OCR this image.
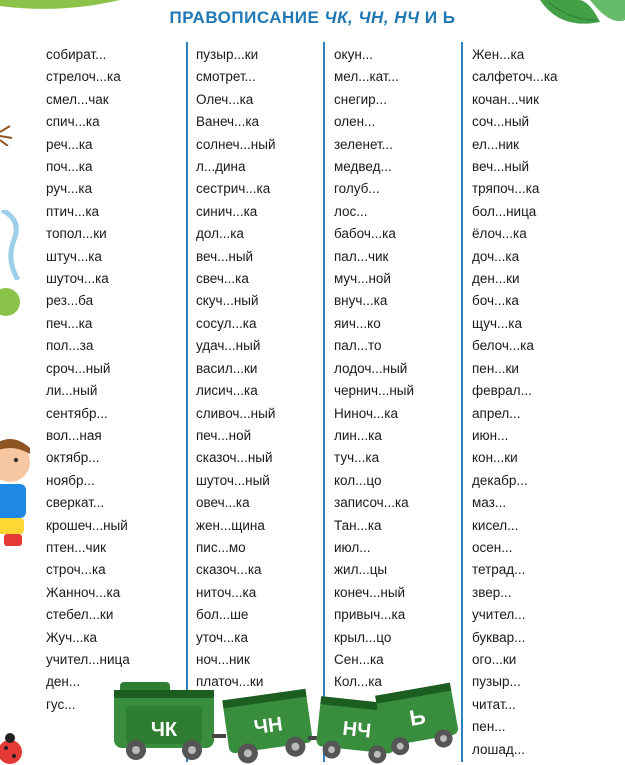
ПРАВОПИСАНИЕ ЧК, ЧН, НЧ И Ь
собират...
стрелоч...ка
смел...чак
спич...ка
реч...ка
поч...ка
руч...ка
птич...ка
топол...ки
штуч...ка
шуточ...ка
рез...ба
печ...ка
пол...за
сроч...ный
ли...ный
сентябр...
вол...ная
октябр...
ноябр...
сверкат...
крошеч...ный
птен...чик
строч...ка
Жанноч...ка
стебел...ки
Жуч...ка
учител...ница
ден...
гус...
пузыр...ки
смотрет...
Олеч...ка
Ванеч...ка
солнеч...ный
л...дина
сестрич...ка
синич...ка
дол...ка
веч...ный
свеч...ка
скуч...ный
сосул...ка
удач...ный
васил...ки
лисич...ка
сливоч...ный
печ...ной
сказоч...ный
шуточ...ный
овеч...ка
жен...щина
пис...мо
сказоч...ка
ниточ...ка
бол...ше
уточ...ка
ноч...ник
платоч...ки
окун...
мел...кат...
снегир...
олен...
зеленет...
медвед...
голуб...
лос...
бабоч...ка
пал...чик
муч...ной
внуч...ка
яич...ко
пал...то
лодоч...ный
чернич...ный
Ниноч...ка
лин...ка
туч...ка
кол...цо
записоч...ка
Тан...ка
июл...
жил...цы
конеч...ный
привыч...ка
крыл...цо
Сен...ка
Кол...ка
Жен...ка
салфеточ...ка
кочан...чик
соч...ный
ел...ник
веч...ный
тряпоч...ка
бол...ница
ёлоч...ка
доч...ка
ден...ки
боч...ка
щуч...ка
белоч...ка
пен...ки
феврал...
апрел...
июн...
кон...ки
декабр...
маз...
кисел...
осен...
тетрад...
звер...
учител...
буквар...
ого...ки
пузыр...
читат...
пен...
лошад...
ЧК	ЧН	НЧ Ь
